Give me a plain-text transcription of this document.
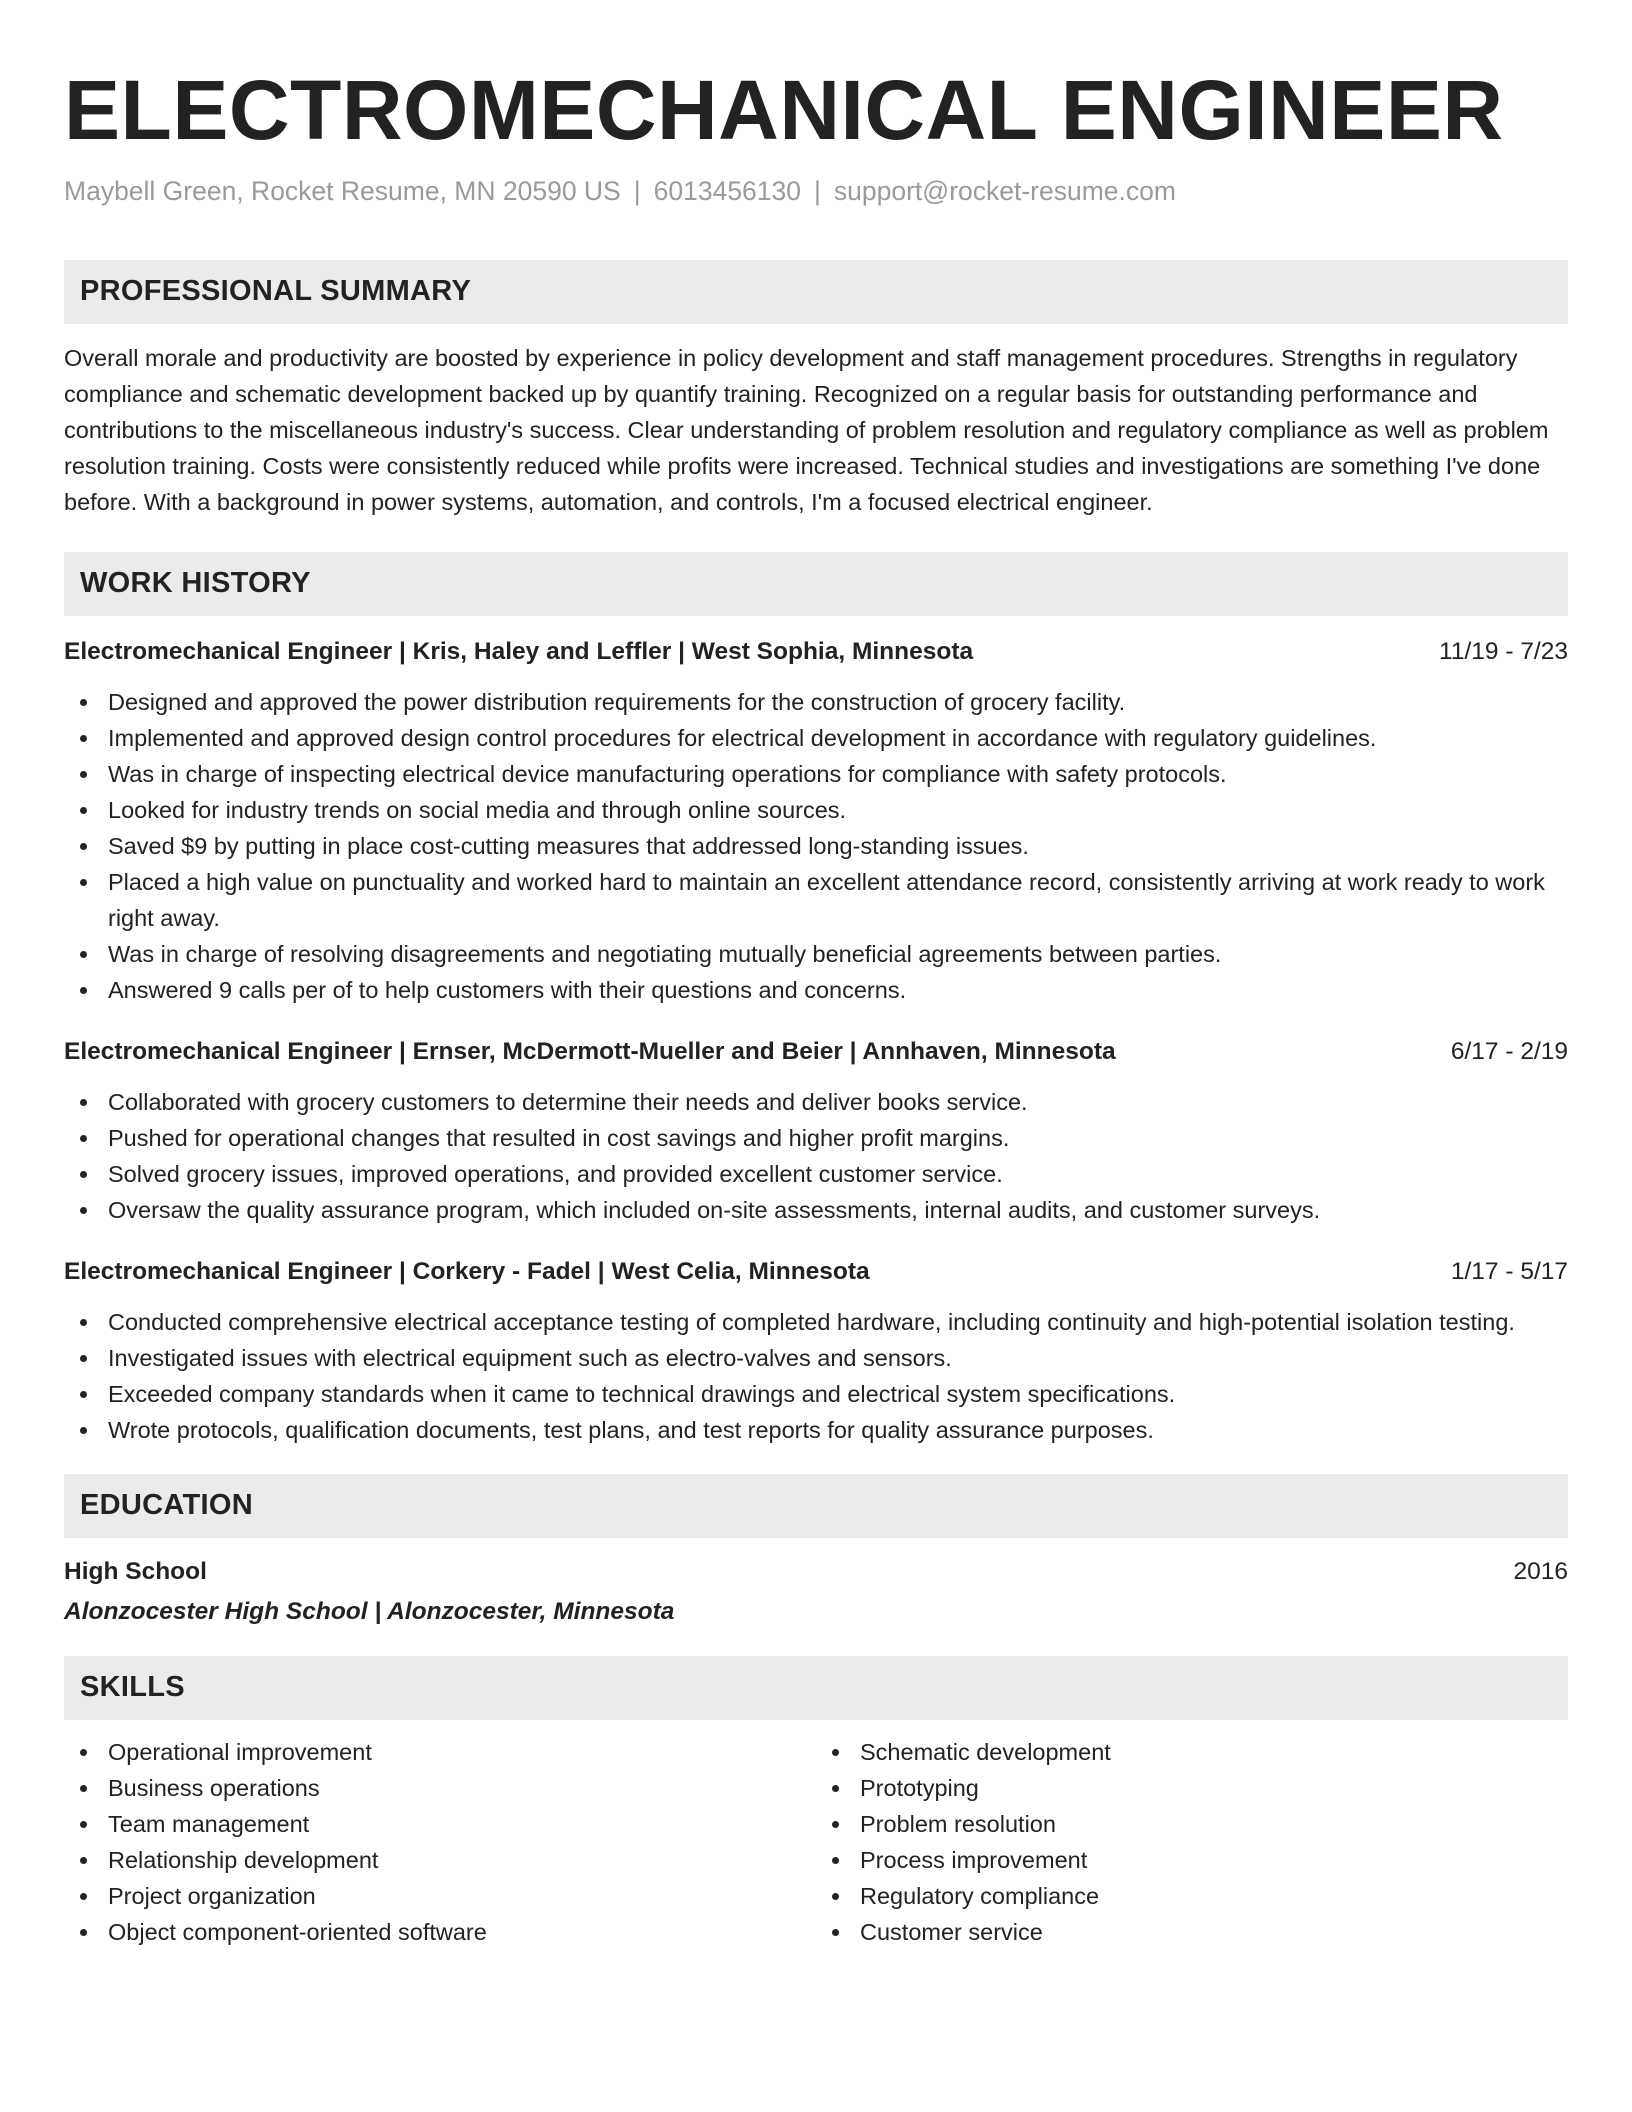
ELECTROMECHANICAL ENGINEER
Maybell Green, Rocket Resume, MN 20590 US | 6013456130 | support@rocket-resume.com
PROFESSIONAL SUMMARY

Overall morale and productivity are boosted by experience in policy development and staff management procedures. Strengths in regulatory compliance and schematic development backed up by quantify training. Recognized on a regular basis for outstanding performance and contributions to the miscellaneous industry's success. Clear understanding of problem resolution and regulatory compliance as well as problem resolution training. Costs were consistently reduced while profits were increased. Technical studies and investigations are something I've done before. With a background in power systems, automation, and controls, I'm a focused electrical engineer.

WORK HISTORY
Electromechanical Engineer | Kris, Haley and Leffler | West Sophia, Minnesota	11/19 - 7/23
Designed and approved the power distribution requirements for the construction of grocery facility.
Implemented and approved design control procedures for electrical development in accordance with regulatory guidelines.
Was in charge of inspecting electrical device manufacturing operations for compliance with safety protocols.
Looked for industry trends on social media and through online sources.
Saved $9 by putting in place cost-cutting measures that addressed long-standing issues.
Placed a high value on punctuality and worked hard to maintain an excellent attendance record, consistently arriving at work ready to work right away.
Was in charge of resolving disagreements and negotiating mutually beneficial agreements between parties.
Answered 9 calls per of to help customers with their questions and concerns.
Electromechanical Engineer | Ernser, McDermott-Mueller and Beier | Annhaven, Minnesota	6/17 - 2/19
Collaborated with grocery customers to determine their needs and deliver books service.
Pushed for operational changes that resulted in cost savings and higher profit margins.
Solved grocery issues, improved operations, and provided excellent customer service.
Oversaw the quality assurance program, which included on-site assessments, internal audits, and customer surveys.
Electromechanical Engineer | Corkery - Fadel | West Celia, Minnesota	1/17 - 5/17
Conducted comprehensive electrical acceptance testing of completed hardware, including continuity and high-potential isolation testing.
Investigated issues with electrical equipment such as electro-valves and sensors.
Exceeded company standards when it came to technical drawings and electrical system specifications.
Wrote protocols, qualification documents, test plans, and test reports for quality assurance purposes.
EDUCATION
High School	2016
Alonzocester High School | Alonzocester, Minnesota
SKILLS
Operational improvement
Business operations
Team management
Relationship development
Project organization
Object component-oriented software
Schematic development
Prototyping
Problem resolution
Process improvement
Regulatory compliance
Customer service
